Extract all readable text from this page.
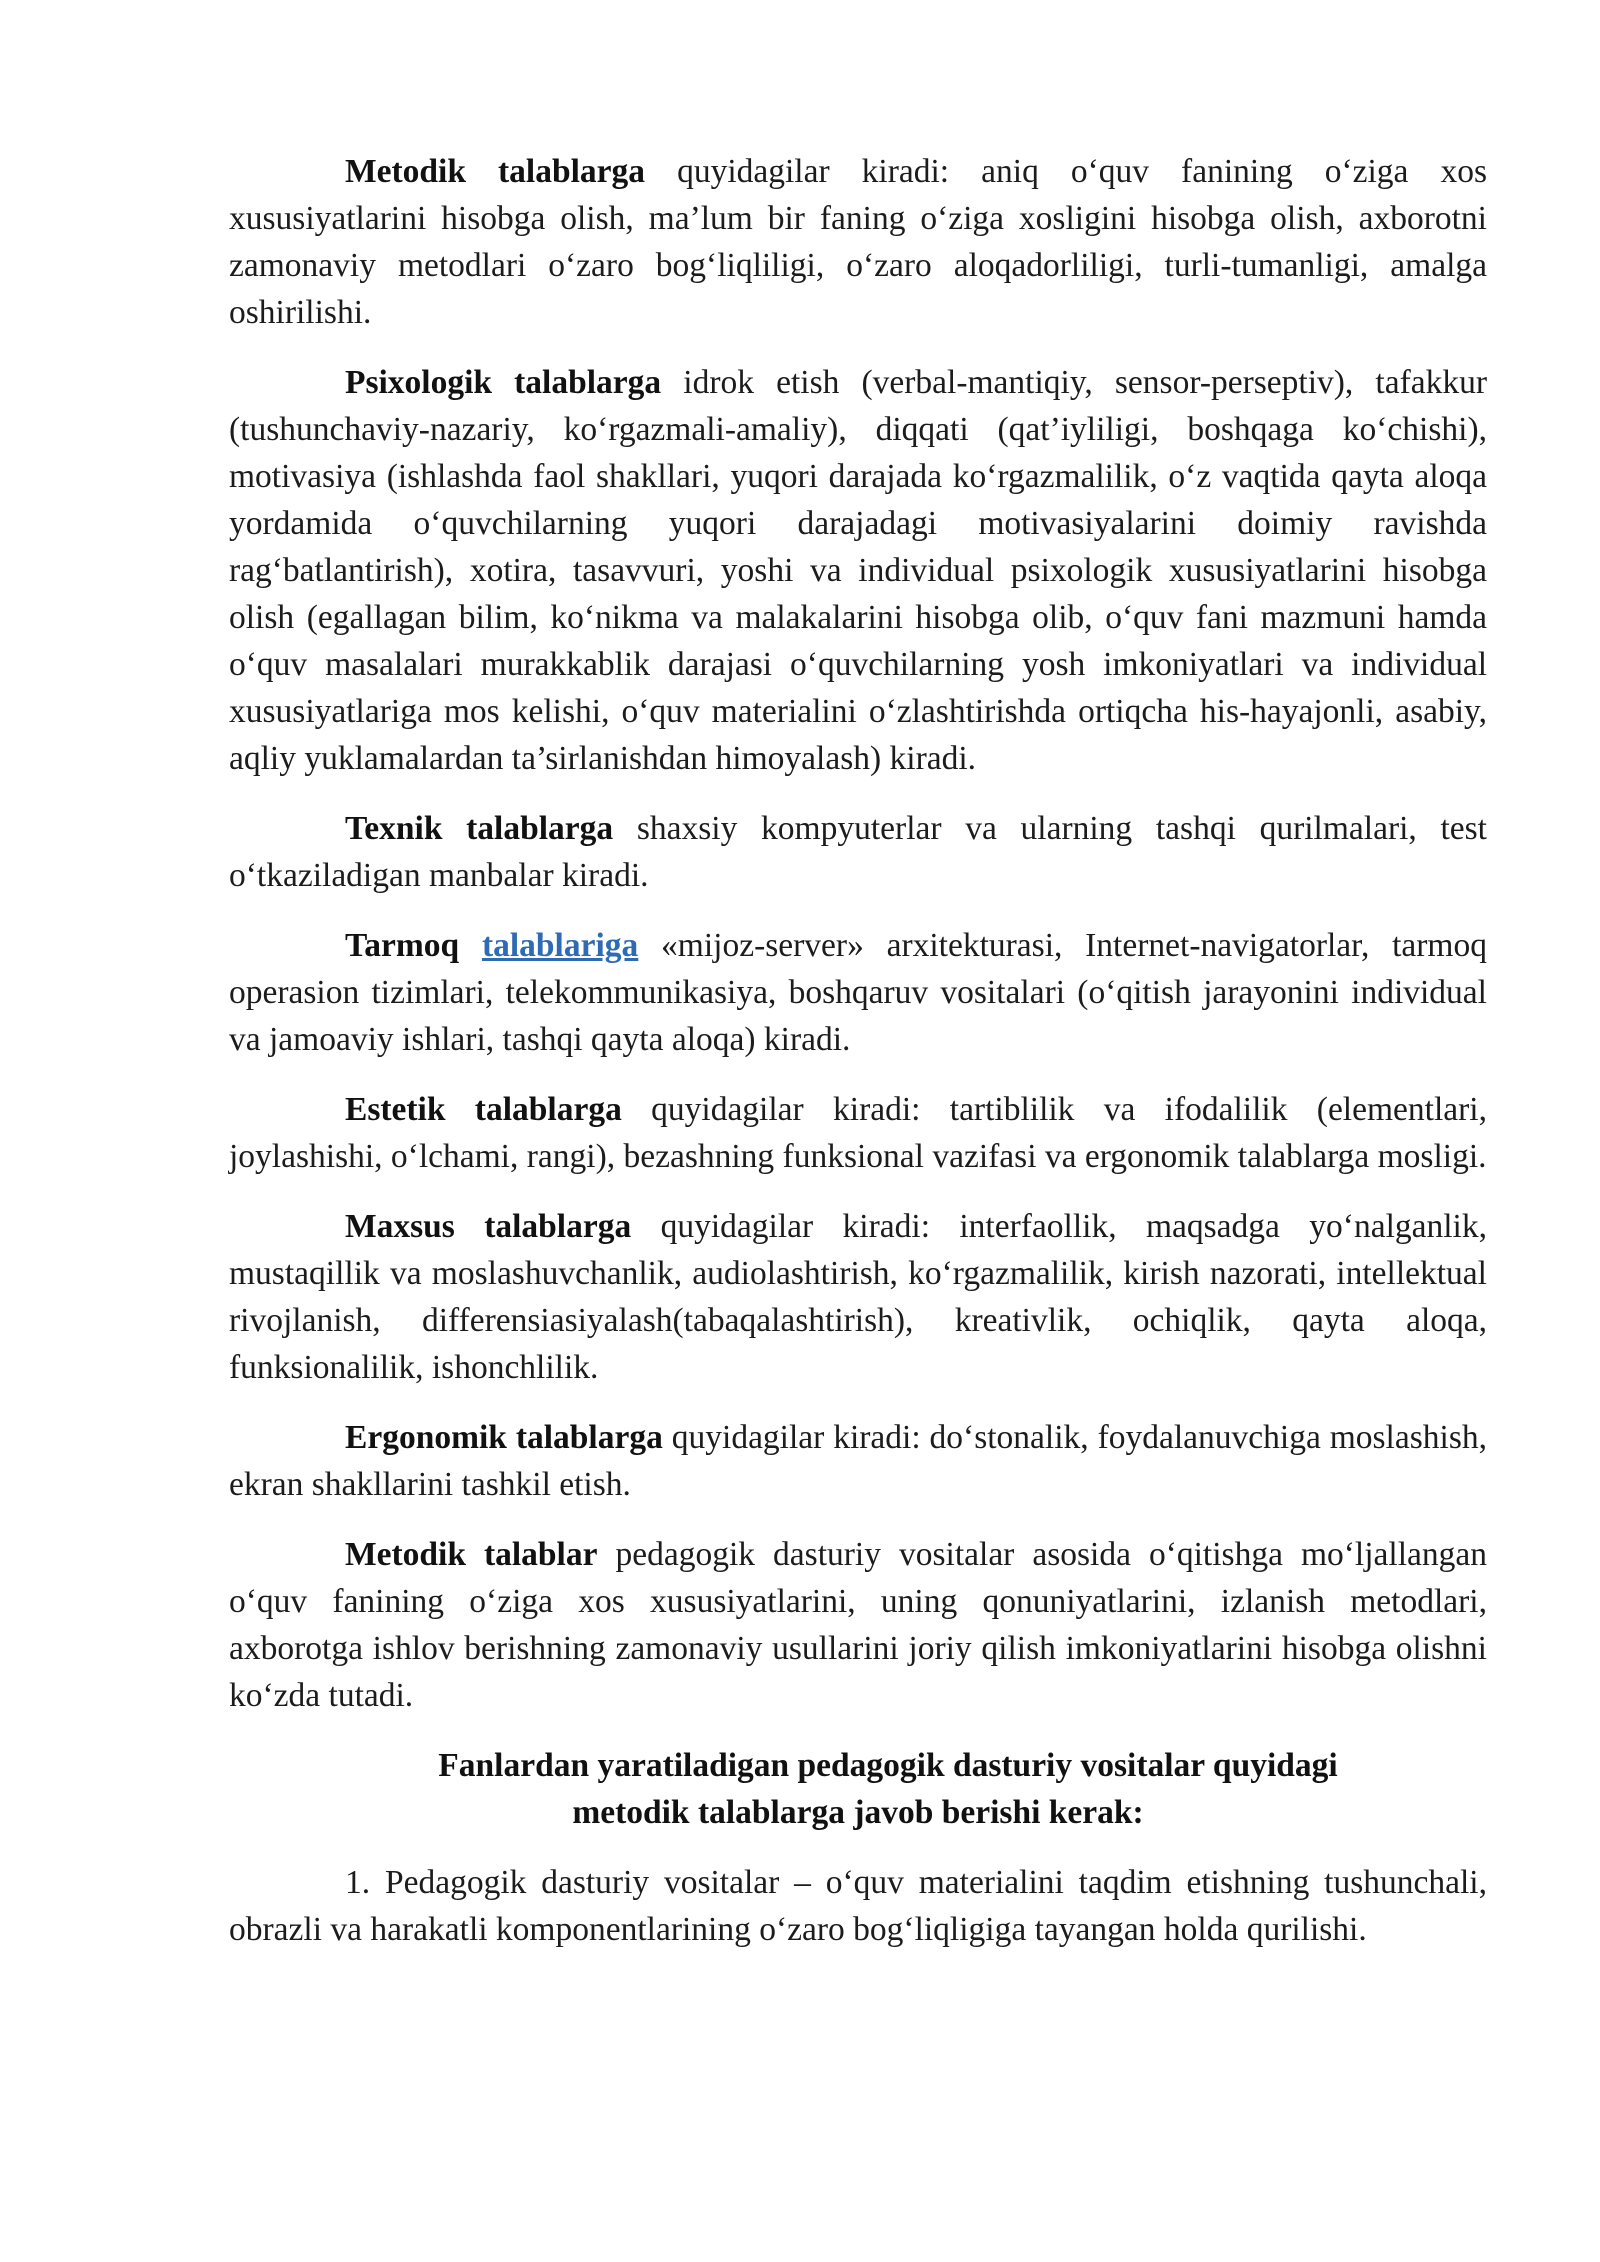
Metodik talablarga quyidagilar kiradi: aniq o‘quv fanining o‘ziga xos xususiyatlarini hisobga olish, ma’lum bir faning o‘ziga xosligini hisobga olish, axborotni zamonaviy metodlari o‘zaro bog‘liqliligi, o‘zaro aloqadorliligi, turli-tumanligi, amalga oshirilishi.

Psixologik talablarga idrok etish (verbal-mantiqiy, sensor-perseptiv), tafakkur (tushunchaviy-nazariy, ko‘rgazmali-amaliy), diqqati (qat’iyliligi, boshqaga ko‘chishi), motivasiya (ishlashda faol shakllari, yuqori darajada ko‘rgazmalilik, o‘z vaqtida qayta aloqa yordamida o‘quvchilarning yuqori darajadagi motivasiyalarini doimiy ravishda rag‘batlantirish), xotira, tasavvuri, yoshi va individual psixologik xususiyatlarini hisobga olish (egallagan bilim, ko‘nikma va malakalarini hisobga olib, o‘quv fani mazmuni hamda o‘quv masalalari murakkablik darajasi o‘quvchilarning yosh imkoniyatlari va individual xususiyatlariga mos kelishi, o‘quv materialini o‘zlashtirishda ortiqcha his-hayajonli, asabiy, aqliy yuklamalardan ta’sirlanishdan himoyalash) kiradi.

Texnik talablarga shaxsiy kompyuterlar va ularning tashqi qurilmalari, test o‘tkaziladigan manbalar kiradi.

Tarmoq talablariga «mijoz-server» arxitekturasi, Internet-navigatorlar, tarmoq operasion tizimlari, telekommunikasiya, boshqaruv vositalari (o‘qitish jarayonini individual va jamoaviy ishlari, tashqi qayta aloqa) kiradi.

Estetik talablarga quyidagilar kiradi: tartiblilik va ifodalilik (elementlari, joylashishi, o‘lchami, rangi), bezashning funksional vazifasi va ergonomik talablarga mosligi.

Maxsus talablarga quyidagilar kiradi: interfaollik, maqsadga yo‘nalganlik, mustaqillik va moslashuvchanlik, audiolashtirish, ko‘rgazmalilik, kirish nazorati, intellektual rivojlanish, differensiasiyalash(tabaqalashtirish), kreativlik, ochiqlik, qayta aloqa, funksionalilik, ishonchlilik.

Ergonomik talablarga quyidagilar kiradi: do‘stonalik, foydalanuvchiga moslashish, ekran shakllarini tashkil etish.

Metodik talablar pedagogik dasturiy vositalar asosida o‘qitishga mo‘ljallangan o‘quv fanining o‘ziga xos xususiyatlarini, uning qonuniyatlarini, izlanish metodlari, axborotga ishlov berishning zamonaviy usullarini joriy qilish imkoniyatlarini hisobga olishni ko‘zda tutadi.

Fanlardan yaratiladigan pedagogik dasturiy vositalar quyidagi
metodik talablarga javob berishi kerak:

1. Pedagogik dasturiy vositalar – o‘quv materialini taqdim etishning tushunchali, obrazli va harakatli komponentlarining o‘zaro bog‘liqligiga tayangan holda qurilishi.
